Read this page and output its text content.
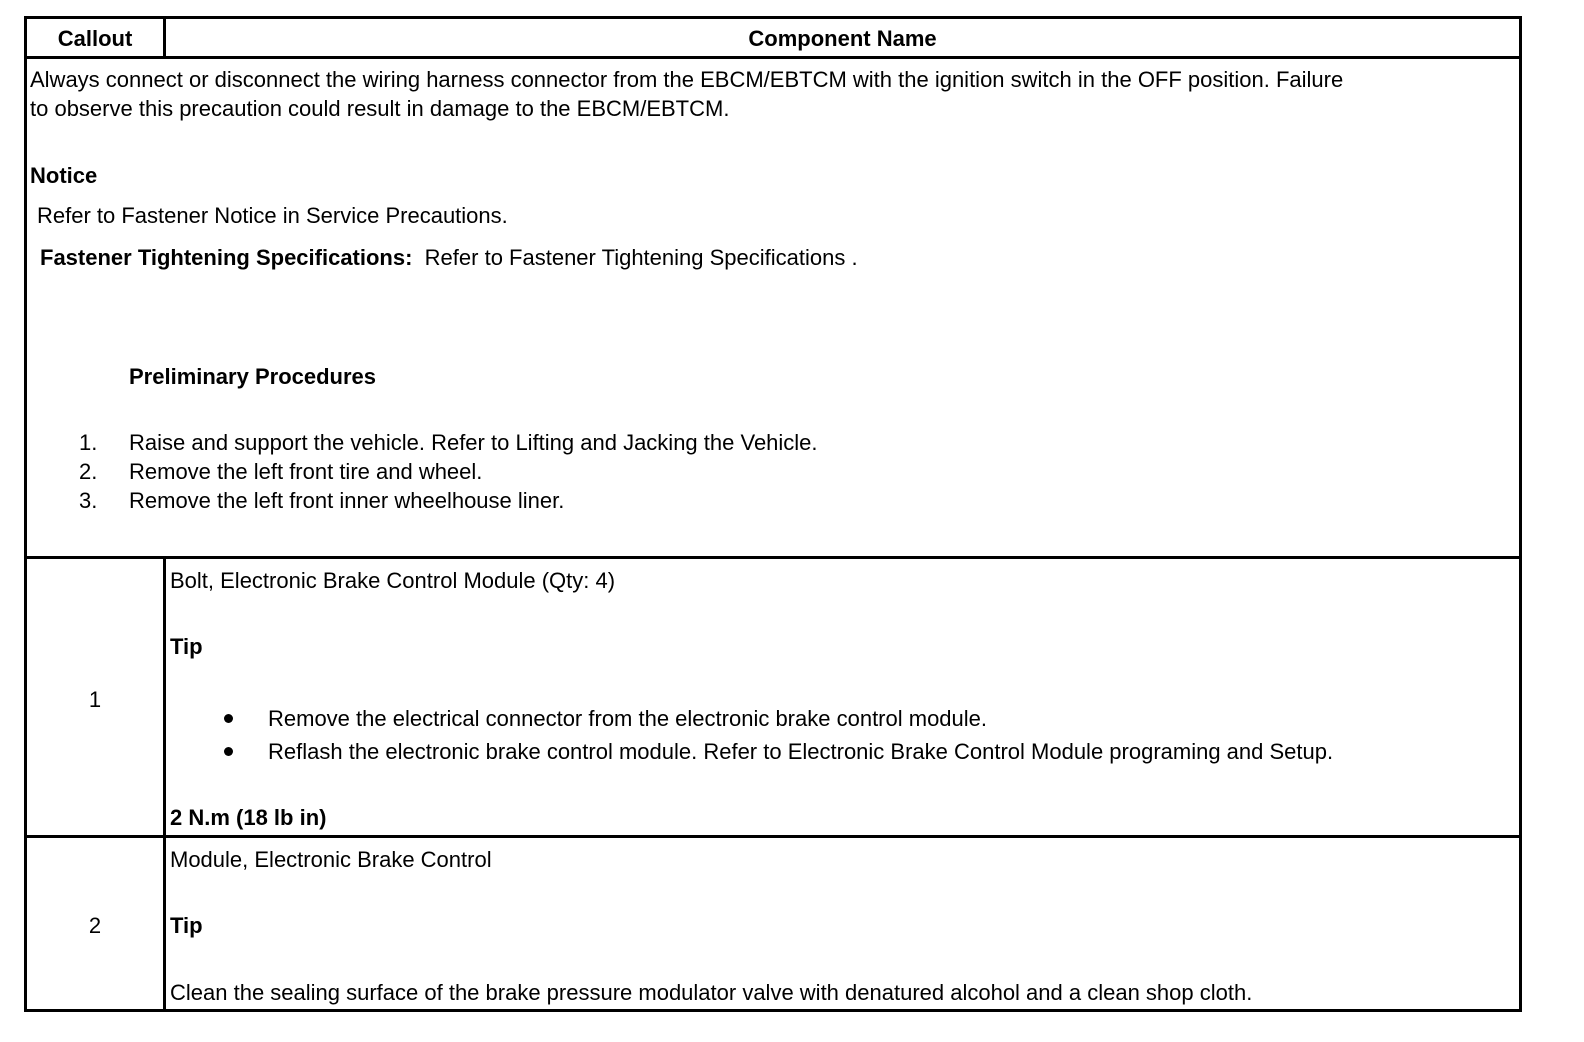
Callout	Component Name
Always connect or disconnect the wiring harness connector from the EBCM/EBTCM with the ignition switch in the OFF position. Failure
to observe this precaution could result in damage to the EBCM/EBTCM.
Notice
Refer to Fastener Notice in Service Precautions.
Fastener Tightening Specifications: Refer to Fastener Tightening Specifications .
Preliminary Procedures
1. Raise and support the vehicle. Refer to Lifting and Jacking the Vehicle.
2. Remove the left front tire and wheel.
3. Remove the left front inner wheelhouse liner.
1
Bolt, Electronic Brake Control Module (Qty: 4)
Tip
Remove the electrical connector from the electronic brake control module.
Reflash the electronic brake control module. Refer to Electronic Brake Control Module programing and Setup.
2 N.m (18 lb in)
2
Module, Electronic Brake Control
Tip
Clean the sealing surface of the brake pressure modulator valve with denatured alcohol and a clean shop cloth.
